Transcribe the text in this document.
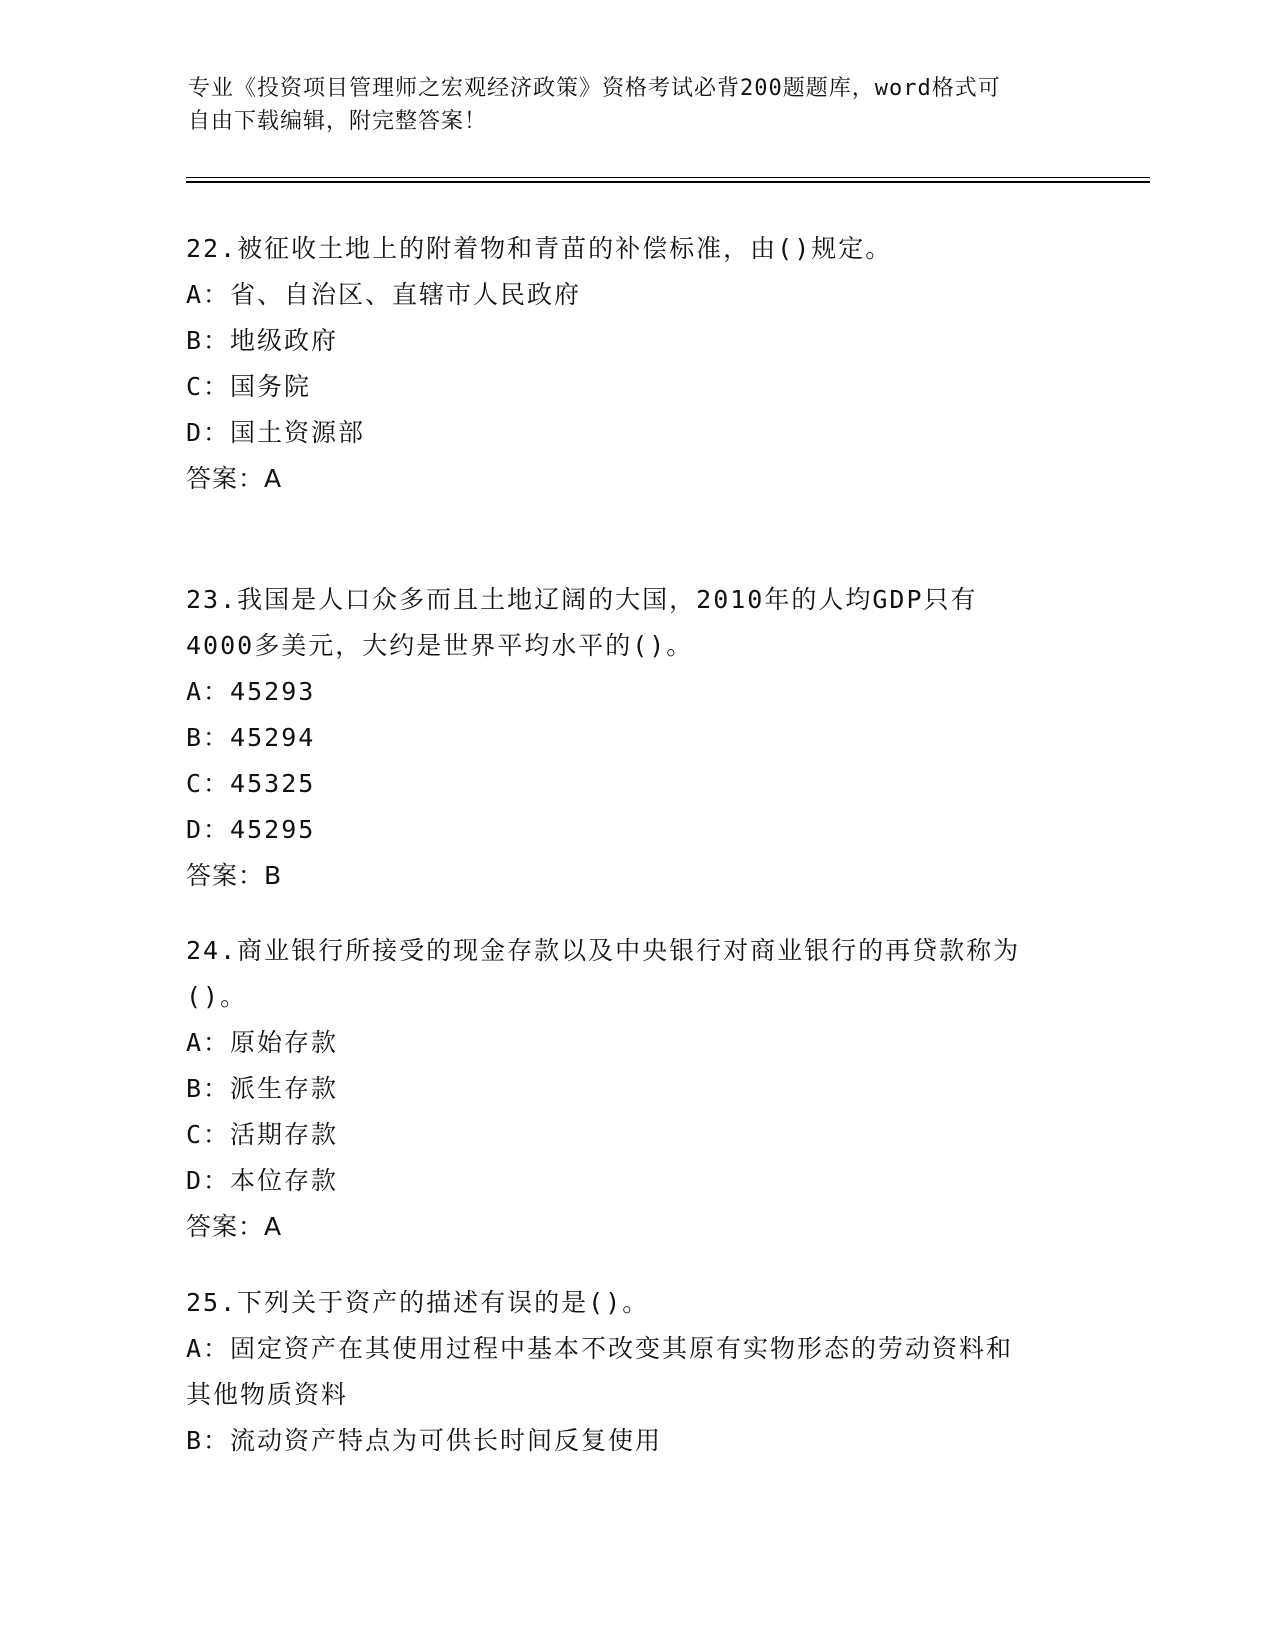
专业《投资项目管理师之宏观经济政策》资格考试必背200题题库，word格式可
自由下载编辑，附完整答案！
22.被征收土地上的附着物和青苗的补偿标准，由()规定。
A：省、自治区、直辖市人民政府
B：地级政府
C：国务院
D：国土资源部
答案：A
23.我国是人口众多而且土地辽阔的大国，2010年的人均GDP只有
4000多美元，大约是世界平均水平的()。
A：45293
B：45294
C：45325
D：45295
答案：B
24.商业银行所接受的现金存款以及中央银行对商业银行的再贷款称为
()。
A：原始存款
B：派生存款
C：活期存款
D：本位存款
答案：A
25.下列关于资产的描述有误的是()。
A：固定资产在其使用过程中基本不改变其原有实物形态的劳动资料和
其他物质资料
B：流动资产特点为可供长时间反复使用
